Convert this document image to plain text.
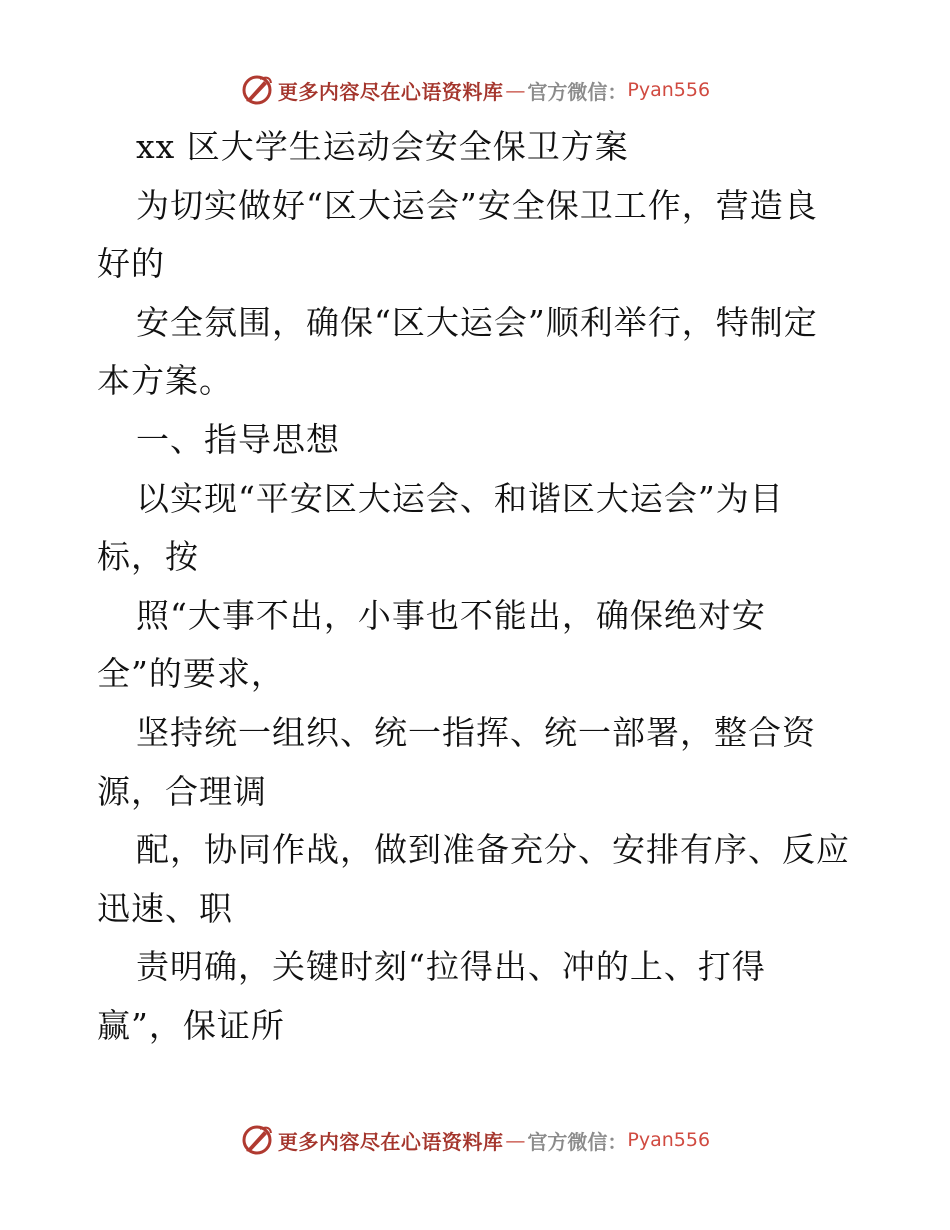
更多内容尽在心语资料库 — 官方微信： Pyan556

xx 区大学生运动会安全保卫方案

为切实做好“区大运会”安全保卫工作，营造良

好的

安全氛围，确保“区大运会”顺利举行，特制定

本方案。

一、指导思想

以实现“平安区大运会、和谐区大运会”为目

标，按

照“大事不出，小事也不能出，确保绝对安

全”的要求，

坚持统一组织、统一指挥、统一部署，整合资

源，合理调

配，协同作战，做到准备充分、安排有序、反应

迅速、职

责明确，关键时刻“拉得出、冲的上、打得

赢”，保证所

更多内容尽在心语资料库 — 官方微信： Pyan556
